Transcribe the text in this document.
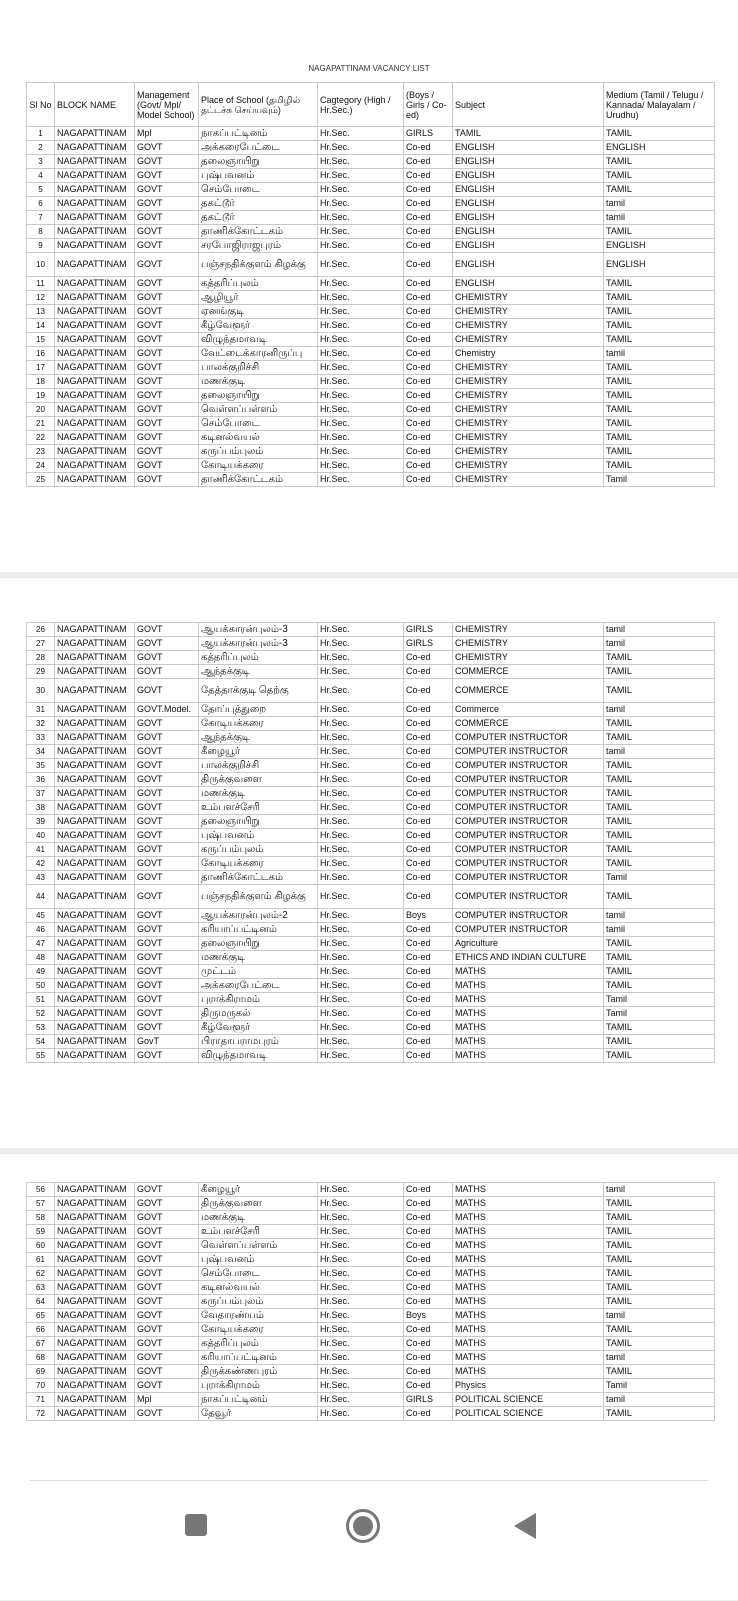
NAGAPATTINAM VACANCY LIST
Sl No	BLOCK NAME	Management (Govt/ Mpl/ Model School)	Place of School (தமிழில் தட்டச்சு செய்யவும்)	Cagtegory (High / Hr.Sec.)	(Boys / Girls / Co-ed)	Subject	Medium (Tamil / Telugu / Kannada/ Malayalam / Urudhu)
1	NAGAPATTINAM	Mpl	நாகப்பட்டினம்	Hr.Sec.	GIRLS	TAMIL	TAMIL
2	NAGAPATTINAM	GOVT	அக்கரைபேட்டை	Hr.Sec.	Co-ed	ENGLISH	ENGLISH
3	NAGAPATTINAM	GOVT	தலைஞாயிறு	Hr.Sec.	Co-ed	ENGLISH	TAMIL
4	NAGAPATTINAM	GOVT	புஷ்பவனம்	Hr.Sec.	Co-ed	ENGLISH	TAMIL
5	NAGAPATTINAM	GOVT	செம்போடை	Hr.Sec.	Co-ed	ENGLISH	TAMIL
6	NAGAPATTINAM	GOVT	தகட்டூர்	Hr.Sec.	Co-ed	ENGLISH	tamil
7	NAGAPATTINAM	GOVT	தகட்டூர்	Hr.Sec.	Co-ed	ENGLISH	tamil
8	NAGAPATTINAM	GOVT	தாணிக்கோட்டகம்	Hr.Sec.	Co-ed	ENGLISH	TAMIL
9	NAGAPATTINAM	GOVT	சரபோஜிராஜபுரம்	Hr.Sec.	Co-ed	ENGLISH	ENGLISH
10	NAGAPATTINAM	GOVT	பஞ்சநதிக்குளம் கிழக்கு	Hr.Sec.	Co-ed	ENGLISH	ENGLISH
11	NAGAPATTINAM	GOVT	கத்தரிப்புலம்	Hr.Sec.	Co-ed	ENGLISH	TAMIL
12	NAGAPATTINAM	GOVT	ஆழியூர்	Hr.Sec.	Co-ed	CHEMISTRY	TAMIL
13	NAGAPATTINAM	GOVT	ஏனங்குடி	Hr.Sec.	Co-ed	CHEMISTRY	TAMIL
14	NAGAPATTINAM	GOVT	கீழ்வேளூர்	Hr.Sec.	Co-ed	CHEMISTRY	TAMIL
15	NAGAPATTINAM	GOVT	விழுந்தமாவடி	Hr.Sec.	Co-ed	CHEMISTRY	TAMIL
16	NAGAPATTINAM	GOVT	வேட்டைக்காரனிருப்பு	Hr.Sec.	Co-ed	Chemistry	tamil
17	NAGAPATTINAM	GOVT	பாலக்குறிச்சி	Hr.Sec.	Co-ed	CHEMISTRY	TAMIL
18	NAGAPATTINAM	GOVT	மணக்குடி	Hr.Sec.	Co-ed	CHEMISTRY	TAMIL
19	NAGAPATTINAM	GOVT	தலைஞாயிறு	Hr.Sec.	Co-ed	CHEMISTRY	TAMIL
20	NAGAPATTINAM	GOVT	வெள்ளப்பள்ளம்	Hr.Sec.	Co-ed	CHEMISTRY	TAMIL
21	NAGAPATTINAM	GOVT	செம்போடை	Hr.Sec.	Co-ed	CHEMISTRY	TAMIL
22	NAGAPATTINAM	GOVT	கடினல்வயல்	Hr.Sec.	Co-ed	CHEMISTRY	TAMIL
23	NAGAPATTINAM	GOVT	கருப்பம்புலம்	Hr.Sec.	Co-ed	CHEMISTRY	TAMIL
24	NAGAPATTINAM	GOVT	கோடியக்கரை	Hr.Sec.	Co-ed	CHEMISTRY	TAMIL
25	NAGAPATTINAM	GOVT	தாணிக்கோட்டகம்	Hr.Sec.	Co-ed	CHEMISTRY	Tamil
26	NAGAPATTINAM	GOVT	ஆயக்காரன்புலம்-3	Hr.Sec.	GIRLS	CHEMISTRY	tamil
27	NAGAPATTINAM	GOVT	ஆயக்காரன்புலம்-3	Hr.Sec.	GIRLS	CHEMISTRY	tamil
28	NAGAPATTINAM	GOVT	கத்தரிப்புலம்	Hr.Sec.	Co-ed	CHEMISTRY	TAMIL
29	NAGAPATTINAM	GOVT	ஆந்தக்குடி	Hr.Sec.	Co-ed	COMMERCE	TAMIL
30	NAGAPATTINAM	GOVT	தேத்தாக்குடி தெற்கு	Hr.Sec.	Co-ed	COMMERCE	TAMIL
31	NAGAPATTINAM	GOVT.Model.	தோப்புத்துறை	Hr.Sec.	Co-ed	Commerce	tamil
32	NAGAPATTINAM	GOVT	கோடியக்கரை	Hr.Sec.	Co-ed	COMMERCE	TAMIL
33	NAGAPATTINAM	GOVT	ஆந்தக்குடி	Hr.Sec.	Co-ed	COMPUTER INSTRUCTOR	TAMIL
34	NAGAPATTINAM	GOVT	கீழையூர்	Hr.Sec.	Co-ed	COMPUTER INSTRUCTOR	tamil
35	NAGAPATTINAM	GOVT	பாலக்குறிச்சி	Hr.Sec.	Co-ed	COMPUTER INSTRUCTOR	TAMIL
36	NAGAPATTINAM	GOVT	திருக்குவளை	Hr.Sec.	Co-ed	COMPUTER INSTRUCTOR	TAMIL
37	NAGAPATTINAM	GOVT	மணக்குடி	Hr.Sec.	Co-ed	COMPUTER INSTRUCTOR	TAMIL
38	NAGAPATTINAM	GOVT	உம்பளச்சேரி	Hr.Sec.	Co-ed	COMPUTER INSTRUCTOR	TAMIL
39	NAGAPATTINAM	GOVT	தலைஞாயிறு	Hr.Sec.	Co-ed	COMPUTER INSTRUCTOR	TAMIL
40	NAGAPATTINAM	GOVT	புஷ்பவனம்	Hr.Sec.	Co-ed	COMPUTER INSTRUCTOR	TAMIL
41	NAGAPATTINAM	GOVT	கருப்பம்புலம்	Hr.Sec.	Co-ed	COMPUTER INSTRUCTOR	TAMIL
42	NAGAPATTINAM	GOVT	கோடியக்கரை	Hr.Sec.	Co-ed	COMPUTER INSTRUCTOR	TAMIL
43	NAGAPATTINAM	GOVT	தாணிக்கோட்டகம்	Hr.Sec.	Co-ed	COMPUTER INSTRUCTOR	Tamil
44	NAGAPATTINAM	GOVT	பஞ்சநதிக்குளம் கிழக்கு	Hr.Sec.	Co-ed	COMPUTER INSTRUCTOR	TAMIL
45	NAGAPATTINAM	GOVT	ஆயக்காரன்புலம்-2	Hr.Sec.	Boys	COMPUTER INSTRUCTOR	tamil
46	NAGAPATTINAM	GOVT	கரியாப்பட்டினம்	Hr.Sec.	Co-ed	COMPUTER INSTRUCTOR	tamil
47	NAGAPATTINAM	GOVT	தலைஞாயிறு	Hr.Sec.	Co-ed	Agriculture	TAMIL
48	NAGAPATTINAM	GOVT	மணக்குடி	Hr.Sec.	Co-ed	ETHICS AND INDIAN CULTURE	TAMIL
49	NAGAPATTINAM	GOVT	முட்டம்	Hr.Sec.	Co-ed	MATHS	TAMIL
50	NAGAPATTINAM	GOVT	அக்கரைபேட்டை	Hr.Sec.	Co-ed	MATHS	TAMIL
51	NAGAPATTINAM	GOVT	புராக்கிராமம்	Hr.Sec.	Co-ed	MATHS	Tamil
52	NAGAPATTINAM	GOVT	திருமருகல்	Hr.Sec.	Co-ed	MATHS	Tamil
53	NAGAPATTINAM	GOVT	கீழ்வேளூர்	Hr.Sec.	Co-ed	MATHS	TAMIL
54	NAGAPATTINAM	GovT	பிராதாபராமபுரம்	Hr.Sec.	Co-ed	MATHS	TAMIL
55	NAGAPATTINAM	GOVT	விழுந்தமாவடி	Hr.Sec.	Co-ed	MATHS	TAMIL
56	NAGAPATTINAM	GOVT	கீழையூர்	Hr.Sec.	Co-ed	MATHS	tamil
57	NAGAPATTINAM	GOVT	திருக்குவளை	Hr.Sec.	Co-ed	MATHS	TAMIL
58	NAGAPATTINAM	GOVT	மணக்குடி	Hr.Sec.	Co-ed	MATHS	TAMIL
59	NAGAPATTINAM	GOVT	உம்பளச்சேரி	Hr.Sec.	Co-ed	MATHS	TAMIL
60	NAGAPATTINAM	GOVT	வெள்ளப்பள்ளம்	Hr.Sec.	Co-ed	MATHS	TAMIL
61	NAGAPATTINAM	GOVT	புஷ்பவனம்	Hr.Sec.	Co-ed	MATHS	TAMIL
62	NAGAPATTINAM	GOVT	செம்போடை	Hr.Sec.	Co-ed	MATHS	TAMIL
63	NAGAPATTINAM	GOVT	கடினல்வயல்	Hr.Sec.	Co-ed	MATHS	TAMIL
64	NAGAPATTINAM	GOVT	கருப்பம்புலம்	Hr.Sec.	Co-ed	MATHS	TAMIL
65	NAGAPATTINAM	GOVT	வேதாரண்யம்	Hr.Sec.	Boys	MATHS	tamil
66	NAGAPATTINAM	GOVT	கோடியக்கரை	Hr.Sec.	Co-ed	MATHS	TAMIL
67	NAGAPATTINAM	GOVT	கத்தரிப்புலம்	Hr.Sec.	Co-ed	MATHS	TAMIL
68	NAGAPATTINAM	GOVT	கரியாப்பட்டினம்	Hr.Sec.	Co-ed	MATHS	tamil
69	NAGAPATTINAM	GOVT	திருக்கண்ணபுரம்	Hr.Sec.	Co-ed	MATHS	TAMIL
70	NAGAPATTINAM	GOVT	புராக்கிராமம்	Hr.Sec.	Co-ed	Physics	Tamil
71	NAGAPATTINAM	Mpl	நாகப்பட்டினம்	Hr.Sec.	GIRLS	POLITICAL SCIENCE	tamil
72	NAGAPATTINAM	GOVT	தேவூர்	Hr.Sec.	Co-ed	POLITICAL SCIENCE	TAMIL
